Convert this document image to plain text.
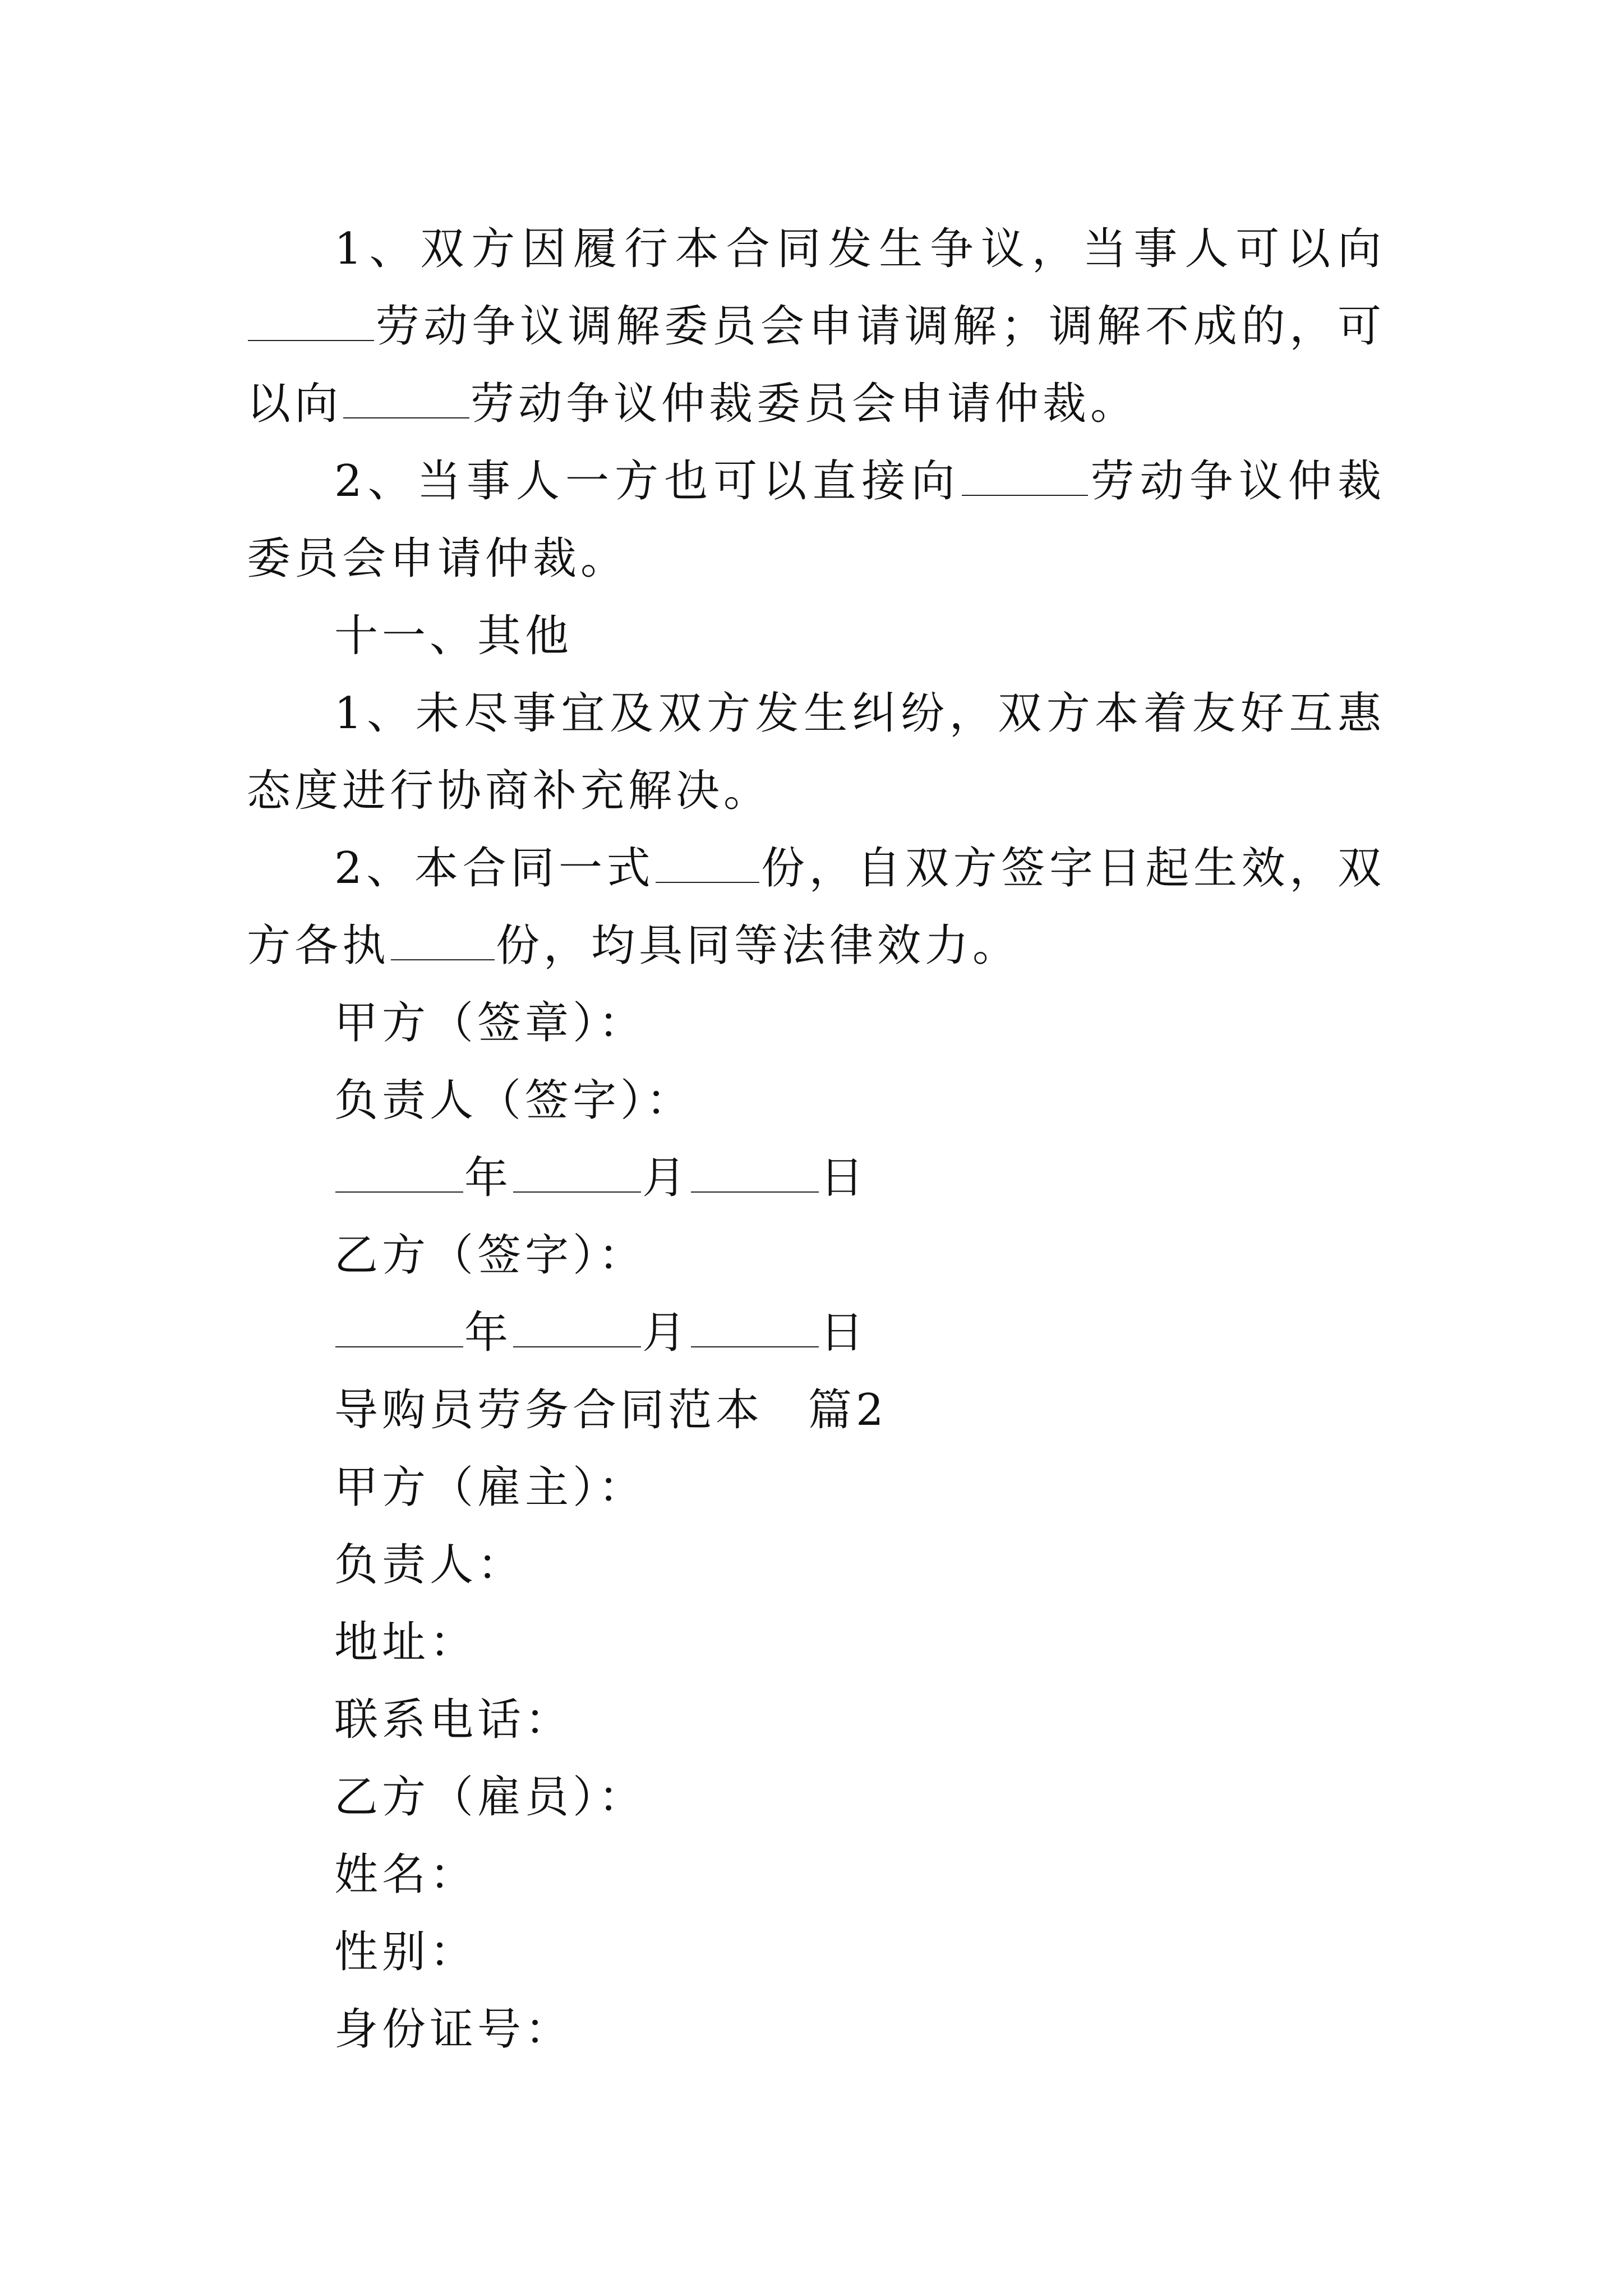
1、双方因履行本合同发生争议，当事人可以向劳动争议调解委员会申请调解；调解不成的，可以向	劳动争议仲裁委员会申请仲裁。

2、当事人一方也可以直接向	劳动争议仲裁委员会申请仲裁。

十一、其他

1、未尽事宜及双方发生纠纷，双方本着友好互惠态度进行协商补充解决。

2、本合同一式 份，自双方签字日起生效，双方各执 份，均具同等法律效力。

甲方（签章）：

负责人（签字）：

年	月	日

乙方（签字）：

年	月	日

导购员劳务合同范本 篇2

甲方（雇主）：

负责人：

地址：

联系电话：

乙方（雇员）：

姓名：

性别：

身份证号：
